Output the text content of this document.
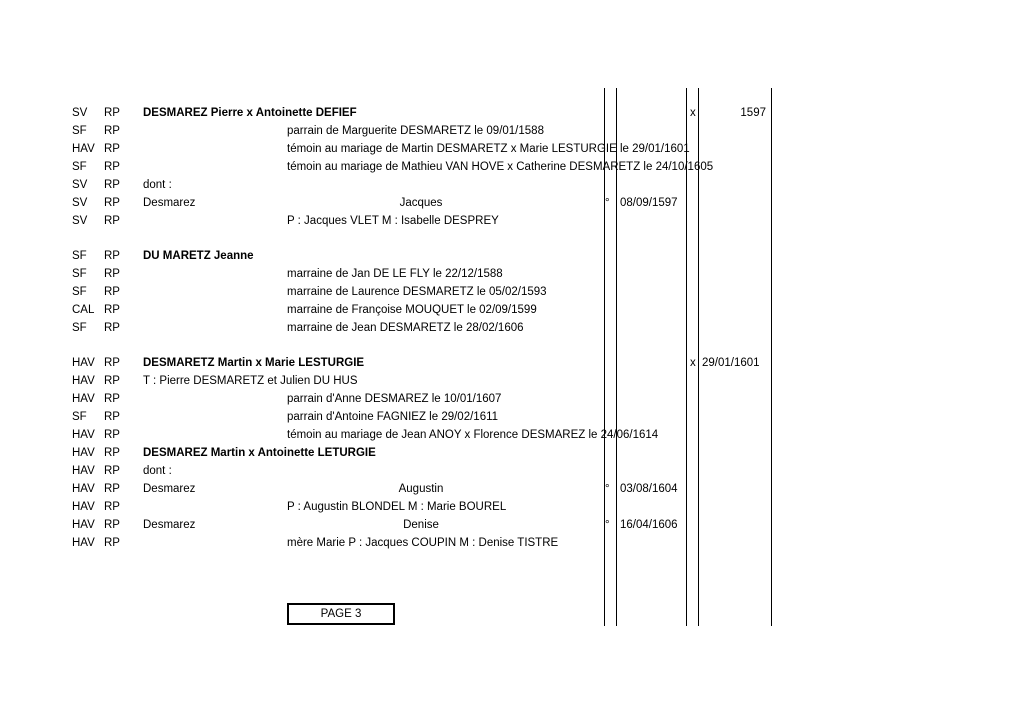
SV RP DESMAREZ Pierre x Antoinette DEFIEF	x	1597
SF RP	parrain de Marguerite DESMARETZ le 09/01/1588
HAV RP	témoin au mariage de Martin DESMARETZ x Marie LESTURGIE le 29/01/1601
SF RP	témoin au mariage de Mathieu VAN HOVE x Catherine DESMARETZ le 24/10/1605
SV RP dont :
SV RP Desmarez	Jacques	° 08/09/1597
SV RP	P : Jacques VLET M : Isabelle DESPREY
SF RP DU MARETZ Jeanne
SF RP	marraine de Jan DE LE FLY le 22/12/1588
SF RP	marraine de Laurence DESMARETZ le 05/02/1593
CAL RP	marraine de Françoise MOUQUET le 02/09/1599
SF RP	marraine de Jean DESMARETZ le 28/02/1606
HAV RP DESMARETZ Martin x Marie LESTURGIE	x 29/01/1601
HAV RP T : Pierre DESMARETZ et Julien DU HUS
HAV RP	parrain d'Anne DESMAREZ le 10/01/1607
SF RP	parrain d'Antoine FAGNIEZ le 29/02/1611
HAV RP	témoin au mariage de Jean ANOY x Florence DESMAREZ le 24/06/1614
HAV RP DESMAREZ Martin x Antoinette LETURGIE
HAV RP dont :
HAV RP Desmarez	Augustin	° 03/08/1604
HAV RP	P : Augustin BLONDEL M : Marie BOUREL
HAV RP Desmarez	Denise	° 16/04/1606
HAV RP	mère Marie P : Jacques COUPIN M : Denise TISTRE
PAGE 3
